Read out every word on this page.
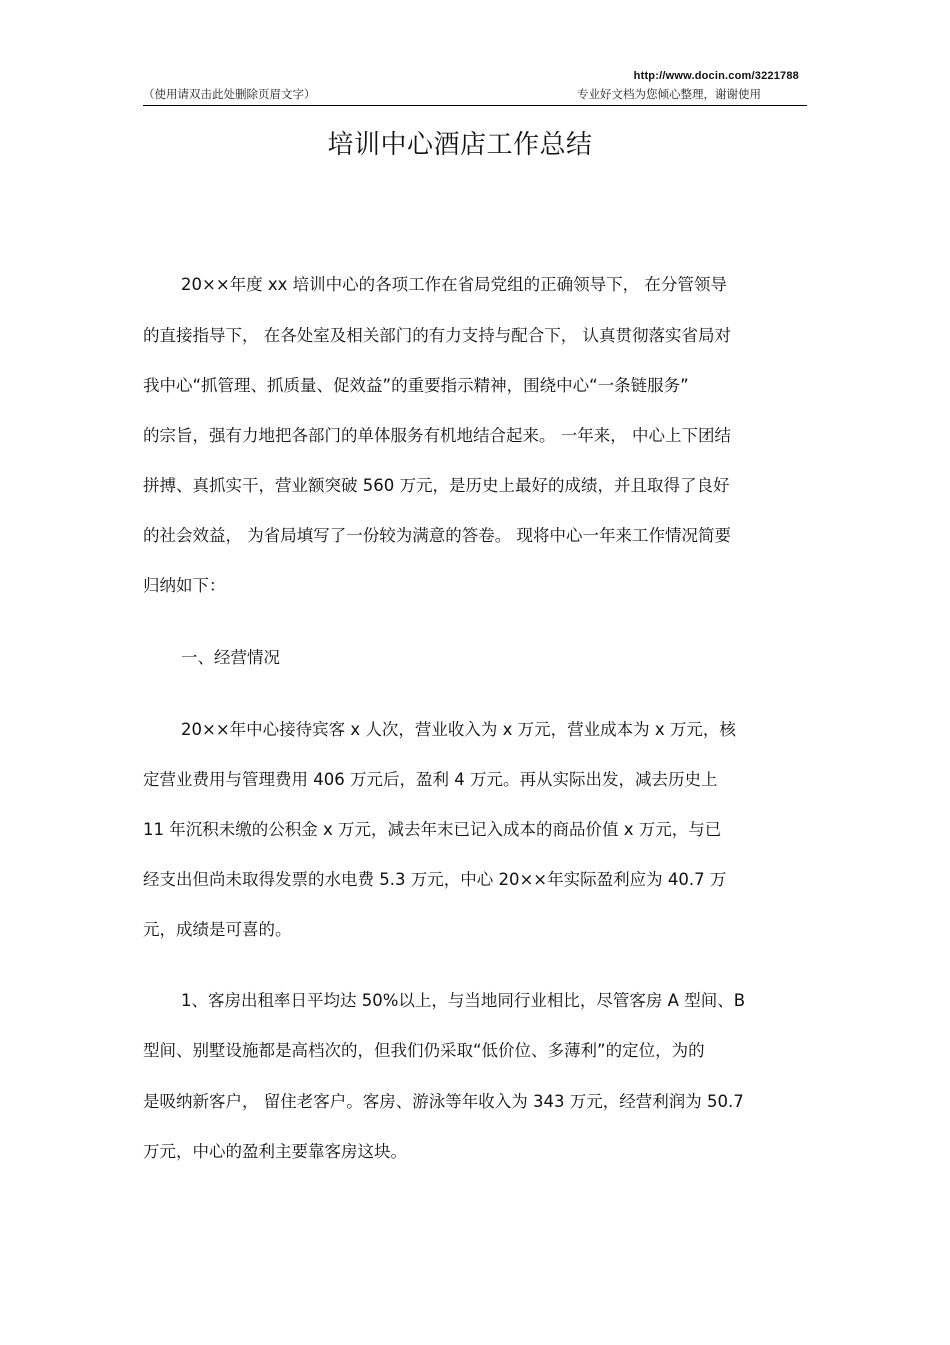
http://www.docin.com/3221788
（使用请双击此处删除页眉文字）	专业好文档为您倾心整理，谢谢使用
培训中心酒店工作总结
20××年度 xx 培训中心的各项工作在省局党组的正确领导下， 在分管领导
的直接指导下， 在各处室及相关部门的有力支持与配合下， 认真贯彻落实省局对
我中心“抓管理、抓质量、促效益”的重要指示精神，围绕中心“一条链服务”
的宗旨，强有力地把各部门的单体服务有机地结合起来。 一年来， 中心上下团结
拼搏、真抓实干，营业额突破 560 万元，是历史上最好的成绩，并且取得了良好
的社会效益， 为省局填写了一份较为满意的答卷。 现将中心一年来工作情况简要
归纳如下：
一、经营情况
20××年中心接待宾客 x 人次，营业收入为 x 万元，营业成本为 x 万元，核
定营业费用与管理费用 406 万元后，盈利 4 万元。再从实际出发，减去历史上
11 年沉积未缴的公积金 x 万元，减去年末已记入成本的商品价值 x 万元，与已
经支出但尚未取得发票的水电费 5.3 万元，中心 20××年实际盈利应为 40.7 万
元，成绩是可喜的。
1、客房出租率日平均达 50%以上，与当地同行业相比，尽管客房 A 型间、B
型间、别墅设施都是高档次的，但我们仍采取“低价位、多薄利”的定位，为的
是吸纳新客户， 留住老客户。客房、游泳等年收入为 343 万元，经营利润为 50.7
万元，中心的盈利主要靠客房这块。
